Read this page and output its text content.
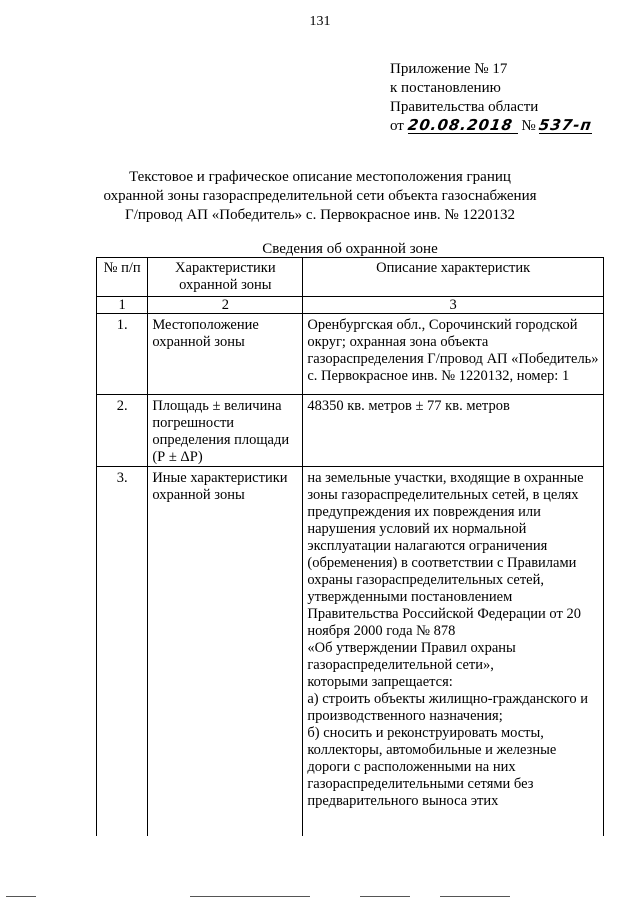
131
Приложение № 17
к постановлению
Правительства области
от 20.08.2018 № 537-п
Текстовое и графическое описание местоположения границ
охранной зоны газораспределительной сети объекта газоснабжения
Г/провод АП «Победитель» с. Первокрасное инв. № 1220132
Сведения об охранной зоне
№ п/п	Характеристики охранной зоны	Описание характеристик
1	2	3
1.	Местоположение охранной зоны	Оренбургская обл., Сорочинский городской округ; охранная зона объекта газораспределения Г/провод АП «Победитель» с. Первокрасное инв. № 1220132, номер: 1
2.	Площадь ± величина погрешности определения площади (Р ± ΔР)	48350 кв. метров ± 77 кв. метров
3.	Иные характеристики охранной зоны	на земельные участки, входящие в охранные зоны газораспределительных сетей, в целях предупреждения их повреждения или нарушения условий их нормальной эксплуатации налагаются ограничения (обременения) в соответствии с Правилами охраны газораспределительных сетей, утвержденными постановлением Правительства Российской Федерации от 20 ноября 2000 года № 878

«Об утверждении Правил охраны газораспределительной сети»,

которыми запрещается:

а) строить объекты жилищно-гражданского и производственного назначения;

б) сносить и реконструировать мосты, коллекторы, автомобильные и железные дороги с расположенными на них газораспределительными сетями без предварительного выноса этих
